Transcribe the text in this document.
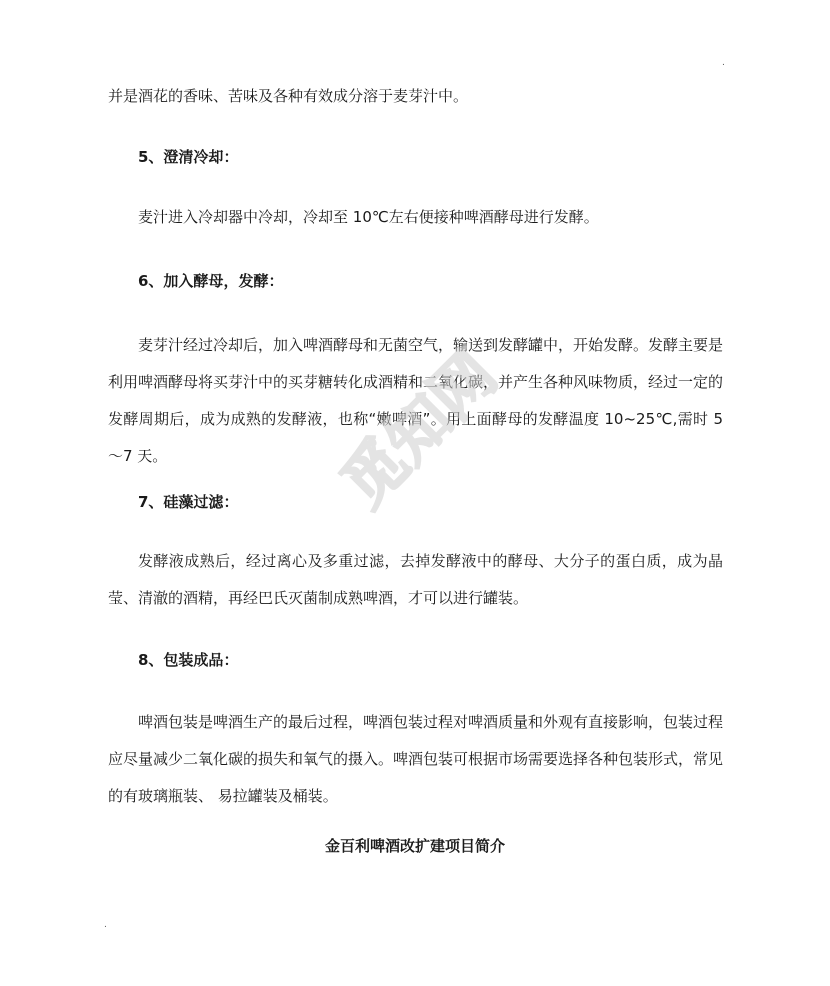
.
并是酒花的香味、苦味及各种有效成分溶于麦芽汁中。
5、澄清冷却：

麦汁进入冷却器中冷却，冷却至 10℃左右便接种啤酒酵母进行发酵。

6、加入酵母，发酵：

麦芽汁经过冷却后，加入啤酒酵母和无菌空气，输送到发酵罐中，开始发酵。发酵主要是利用啤酒酵母将买芽汁中的买芽糖转化成酒精和二氧化碳，并产生各种风味物质，经过一定的发酵周期后，成为成熟的发酵液，也称“嫩啤酒”。用上面酵母的发酵温度 10~25℃,需时 5～7 天。

7、硅藻过滤：

发酵液成熟后，经过离心及多重过滤，去掉发酵液中的酵母、大分子的蛋白质，成为晶莹、清澈的酒精，再经巴氏灭菌制成熟啤酒，才可以进行罐装。

8、包装成品：

啤酒包装是啤酒生产的最后过程，啤酒包装过程对啤酒质量和外观有直接影响，包装过程应尽量减少二氧化碳的损失和氧气的摄入。啤酒包装可根据市场需要选择各种包装形式，常见的有玻璃瓶装、 易拉罐装及桶装。

金百利啤酒改扩建项目简介
.
觅知网
